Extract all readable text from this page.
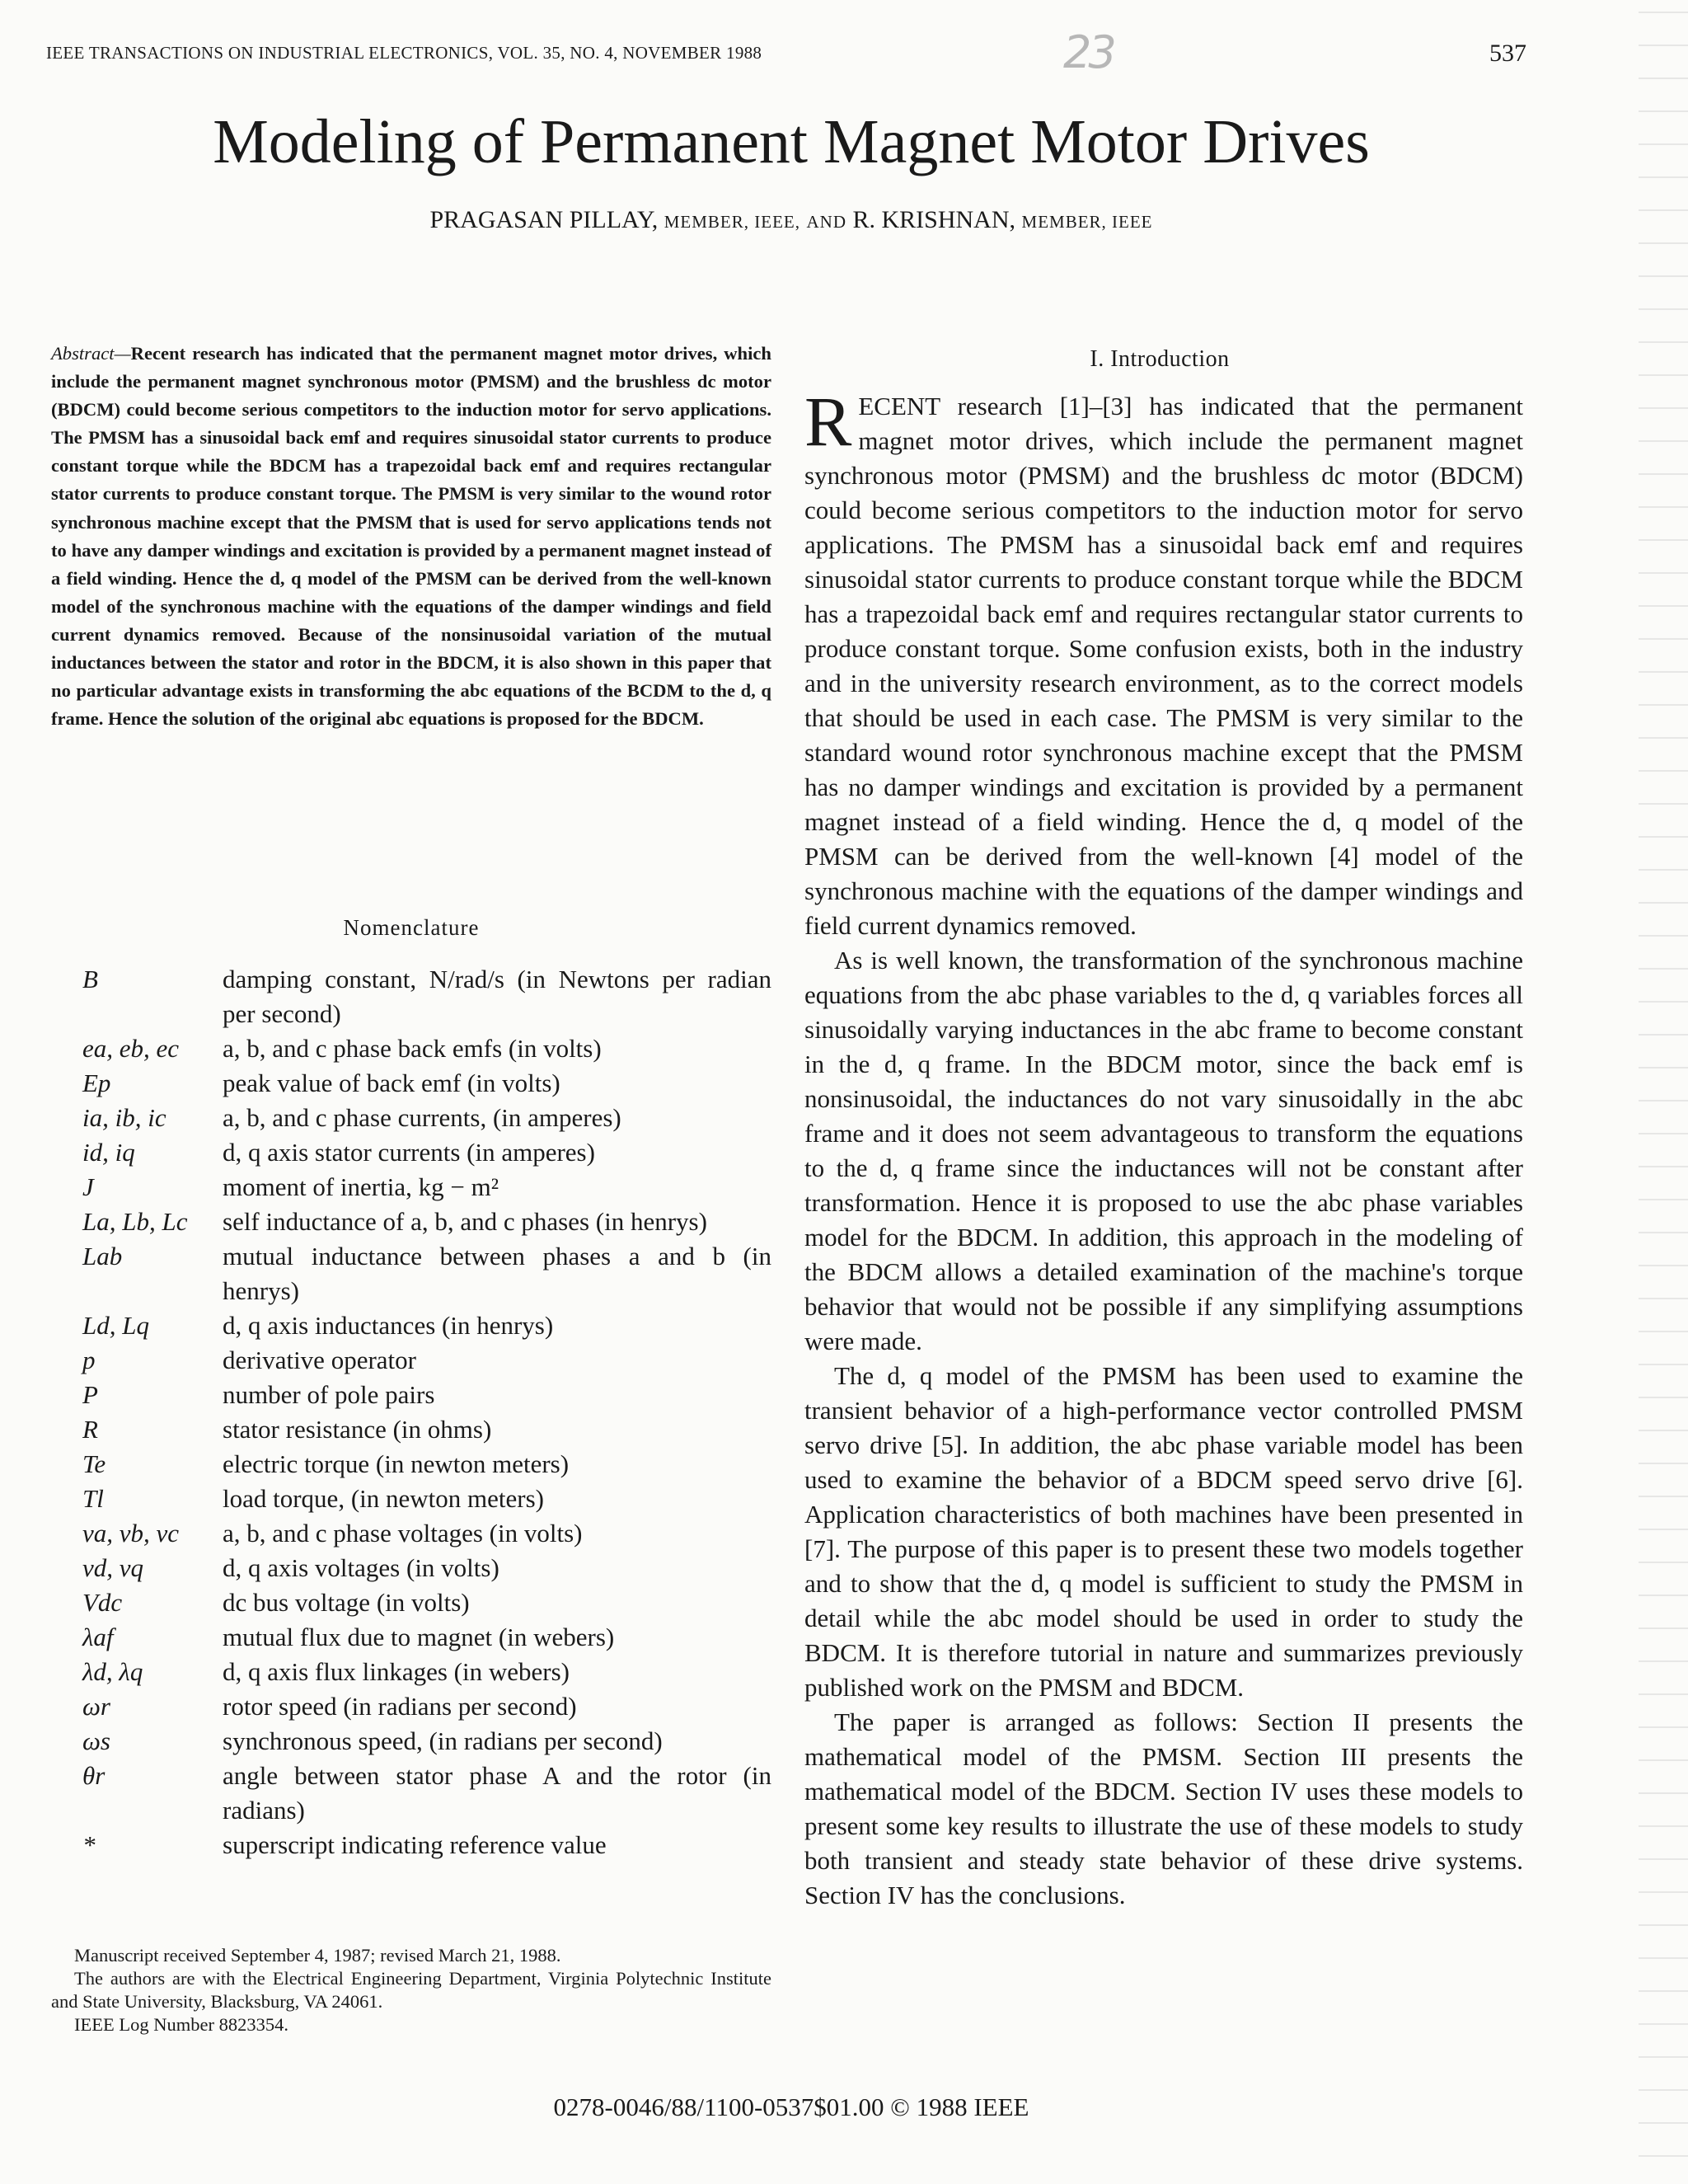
IEEE TRANSACTIONS ON INDUSTRIAL ELECTRONICS, VOL. 35, NO. 4, NOVEMBER 1988	23	537
Modeling of Permanent Magnet Motor Drives
PRAGASAN PILLAY, MEMBER, IEEE, AND R. KRISHNAN, MEMBER, IEEE
Abstract—Recent research has indicated that the permanent magnet motor drives, which include the permanent magnet synchronous motor (PMSM) and the brushless dc motor (BDCM) could become serious competitors to the induction motor for servo applications. The PMSM has a sinusoidal back emf and requires sinusoidal stator currents to produce constant torque while the BDCM has a trapezoidal back emf and requires rectangular stator currents to produce constant torque. The PMSM is very similar to the wound rotor synchronous machine except that the PMSM that is used for servo applications tends not to have any damper windings and excitation is provided by a permanent magnet instead of a field winding. Hence the d, q model of the PMSM can be derived from the well-known model of the synchronous machine with the equations of the damper windings and field current dynamics removed. Because of the nonsinusoidal variation of the mutual inductances between the stator and rotor in the BDCM, it is also shown in this paper that no particular advantage exists in transforming the abc equations of the BCDM to the d, q frame. Hence the solution of the original abc equations is proposed for the BDCM.
Nomenclature
B	damping constant, N/rad/s (in Newtons per radian per second)
ea, eb, ec	a, b, and c phase back emfs (in volts)
Ep	peak value of back emf (in volts)
ia, ib, ic	a, b, and c phase currents, (in amperes)
id, iq	d, q axis stator currents (in amperes)
J	moment of inertia, kg − m²
La, Lb, Lc	self inductance of a, b, and c phases (in henrys)
Lab	mutual inductance between phases a and b (in henrys)
Ld, Lq	d, q axis inductances (in henrys)
p	derivative operator
P	number of pole pairs
R	stator resistance (in ohms)
Te	electric torque (in newton meters)
Tl	load torque, (in newton meters)
va, vb, vc	a, b, and c phase voltages (in volts)
vd, vq	d, q axis voltages (in volts)
Vdc	dc bus voltage (in volts)
λaf	mutual flux due to magnet (in webers)
λd, λq	d, q axis flux linkages (in webers)
ωr	rotor speed (in radians per second)
ωs	synchronous speed, (in radians per second)
θr	angle between stator phase A and the rotor (in radians)
*	superscript indicating reference value

Manuscript received September 4, 1987; revised March 21, 1988.

The authors are with the Electrical Engineering Department, Virginia Polytechnic Institute and State University, Blacksburg, VA 24061.

IEEE Log Number 8823354.

I. Introduction

RECENT research [1]–[3] has indicated that the permanent magnet motor drives, which include the permanent magnet synchronous motor (PMSM) and the brushless dc motor (BDCM) could become serious competitors to the induction motor for servo applications. The PMSM has a sinusoidal back emf and requires sinusoidal stator currents to produce constant torque while the BDCM has a trapezoidal back emf and requires rectangular stator currents to produce constant torque. Some confusion exists, both in the industry and in the university research environment, as to the correct models that should be used in each case. The PMSM is very similar to the standard wound rotor synchronous machine except that the PMSM has no damper windings and excitation is provided by a permanent magnet instead of a field winding. Hence the d, q model of the PMSM can be derived from the well-known [4] model of the synchronous machine with the equations of the damper windings and field current dynamics removed.

As is well known, the transformation of the synchronous machine equations from the abc phase variables to the d, q variables forces all sinusoidally varying inductances in the abc frame to become constant in the d, q frame. In the BDCM motor, since the back emf is nonsinusoidal, the inductances do not vary sinusoidally in the abc frame and it does not seem advantageous to transform the equations to the d, q frame since the inductances will not be constant after transformation. Hence it is proposed to use the abc phase variables model for the BDCM. In addition, this approach in the modeling of the BDCM allows a detailed examination of the machine's torque behavior that would not be possible if any simplifying assumptions were made.

The d, q model of the PMSM has been used to examine the transient behavior of a high-performance vector controlled PMSM servo drive [5]. In addition, the abc phase variable model has been used to examine the behavior of a BDCM speed servo drive [6]. Application characteristics of both machines have been presented in [7]. The purpose of this paper is to present these two models together and to show that the d, q model is sufficient to study the PMSM in detail while the abc model should be used in order to study the BDCM. It is therefore tutorial in nature and summarizes previously published work on the PMSM and BDCM.

The paper is arranged as follows: Section II presents the mathematical model of the PMSM. Section III presents the mathematical model of the BDCM. Section IV uses these models to present some key results to illustrate the use of these models to study both transient and steady state behavior of these drive systems. Section IV has the conclusions.

0278-0046/88/1100-0537$01.00 © 1988 IEEE
